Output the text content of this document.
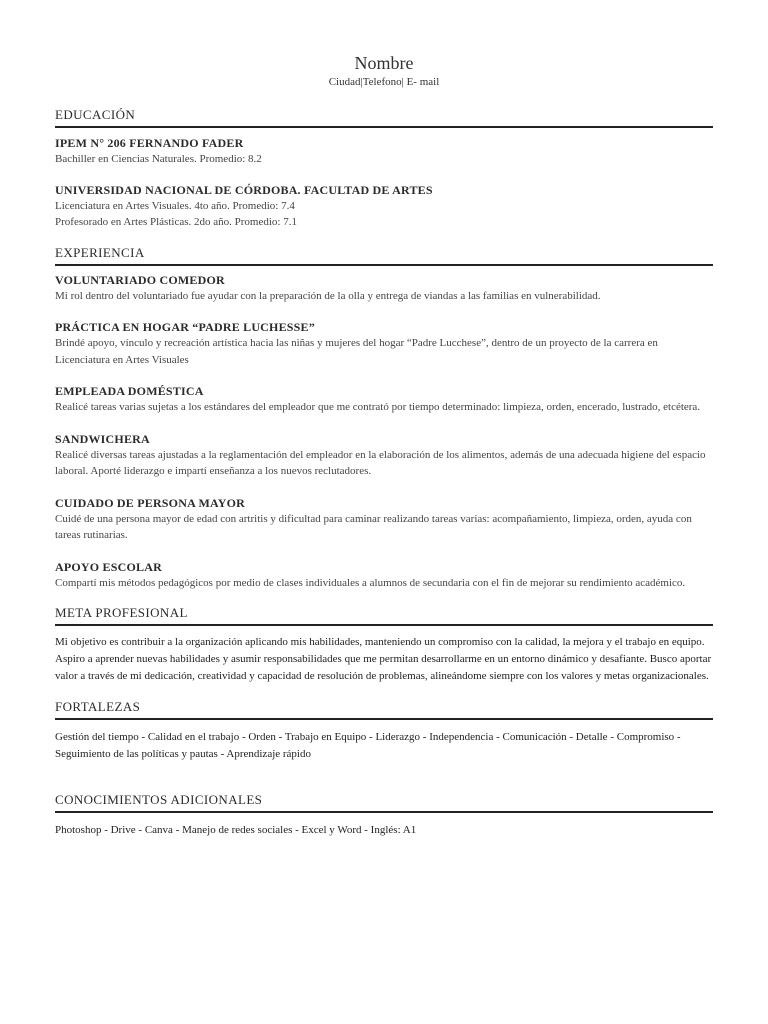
Nombre
Ciudad|Telefono| E- mail
EDUCACIÓN
IPEM N° 206 FERNANDO FADER
Bachiller en Ciencias Naturales. Promedio: 8.2
UNIVERSIDAD NACIONAL DE CÓRDOBA. FACULTAD DE ARTES
Licenciatura en Artes Visuales. 4to año. Promedio: 7.4
Profesorado en Artes Plásticas. 2do año. Promedio: 7.1
EXPERIENCIA
VOLUNTARIADO COMEDOR
Mi rol dentro del voluntariado fue ayudar con la preparación de la olla y entrega de viandas a las familias en vulnerabilidad.
PRÁCTICA EN HOGAR “PADRE LUCHESSE”
Brindé apoyo, vínculo y recreación artística hacia las niñas y mujeres del hogar “Padre Lucchese”, dentro de un proyecto de la carrera en Licenciatura en Artes Visuales
EMPLEADA DOMÉSTICA
Realicé tareas varias sujetas a los estándares del empleador que me contrató por tiempo determinado: limpieza, orden, encerado, lustrado, etcétera.
SANDWICHERA
Realicé diversas tareas ajustadas a la reglamentación del empleador en la elaboración de los alimentos, además de una adecuada higiene del espacio laboral. Aporté liderazgo e impartí enseñanza a los nuevos reclutadores.
CUIDADO DE PERSONA MAYOR
Cuidé de una persona mayor de edad con artritis y dificultad para caminar realizando tareas varias: acompañamiento, limpieza, orden, ayuda con tareas rutinarias.
APOYO ESCOLAR
Compartí mis métodos pedagógicos por medio de clases individuales a alumnos de secundaria con el fin de mejorar su rendimiento académico.
META PROFESIONAL
Mi objetivo es contribuir a la organización aplicando mis habilidades, manteniendo un compromiso con la calidad, la mejora y el trabajo en equipo. Aspiro a aprender nuevas habilidades y asumir responsabilidades que me permitan desarrollarme en un entorno dinámico y desafiante. Busco aportar valor a través de mi dedicación, creatividad y capacidad de resolución de problemas, alineándome siempre con los valores y metas organizacionales.
FORTALEZAS
Gestión del tiempo - Calidad en el trabajo - Orden - Trabajo en Equipo - Liderazgo - Independencia - Comunicación - Detalle - Compromiso - Seguimiento de las políticas y pautas - Aprendizaje rápido
CONOCIMIENTOS ADICIONALES
Photoshop - Drive - Canva - Manejo de redes sociales - Excel y Word - Inglés: A1
